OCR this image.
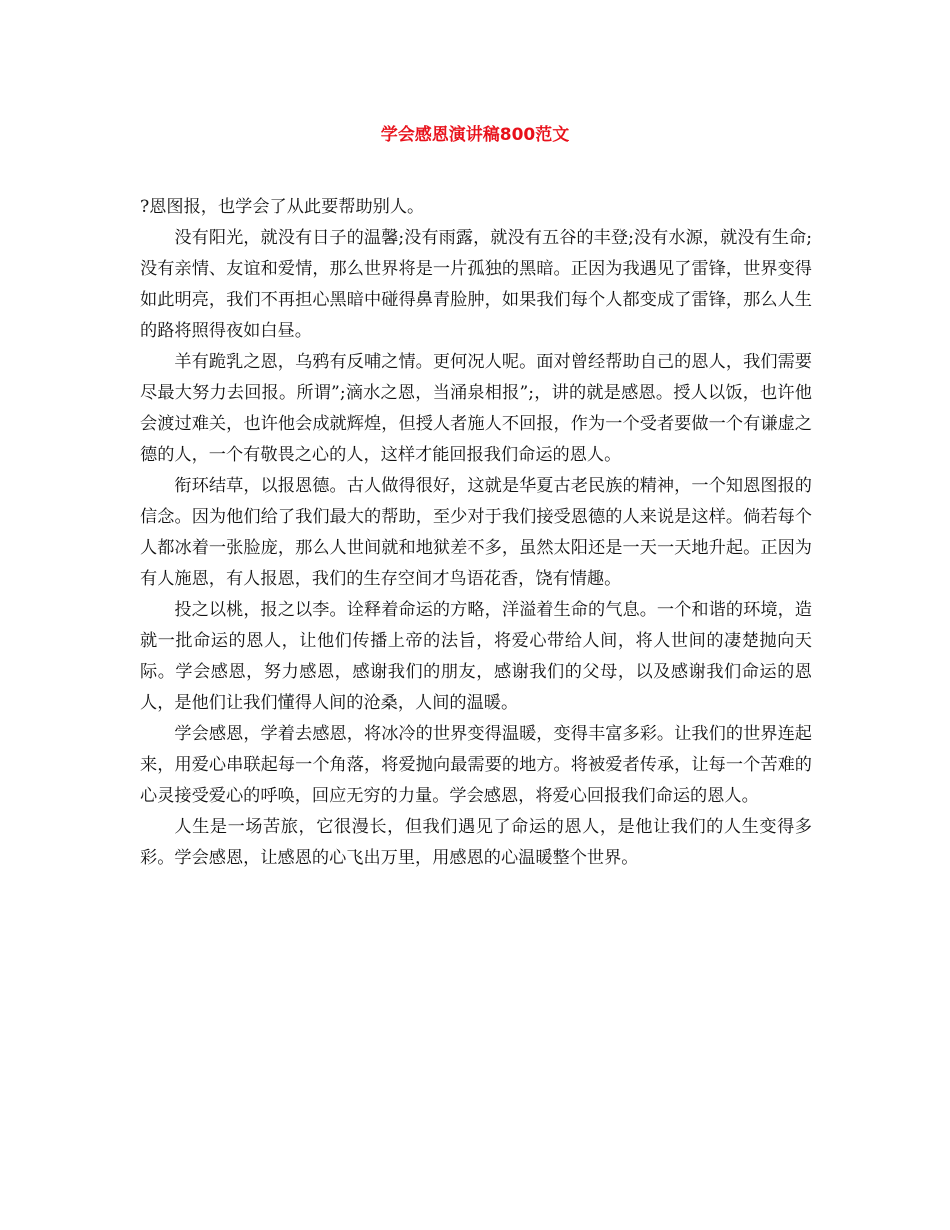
学会感恩演讲稿800范文

?恩图报，也学会了从此要帮助别人。

没有阳光，就没有日子的温馨;没有雨露，就没有五谷的丰登;没有水源，就没有生命;没有亲情、友谊和爱情，那么世界将是一片孤独的黑暗。正因为我遇见了雷锋，世界变得如此明亮，我们不再担心黑暗中碰得鼻青脸肿，如果我们每个人都变成了雷锋，那么人生的路将照得夜如白昼。

羊有跪乳之恩，乌鸦有反哺之情。更何况人呢。面对曾经帮助自己的恩人，我们需要尽最大努力去回报。所谓”;滴水之恩，当涌泉相报”;，讲的就是感恩。授人以饭，也许他会渡过难关，也许他会成就辉煌，但授人者施人不回报，作为一个受者要做一个有谦虚之德的人，一个有敬畏之心的人，这样才能回报我们命运的恩人。

衔环结草，以报恩德。古人做得很好，这就是华夏古老民族的精神，一个知恩图报的信念。因为他们给了我们最大的帮助，至少对于我们接受恩德的人来说是这样。倘若每个人都冰着一张脸庞，那么人世间就和地狱差不多，虽然太阳还是一天一天地升起。正因为有人施恩，有人报恩，我们的生存空间才鸟语花香，饶有情趣。

投之以桃，报之以李。诠释着命运的方略，洋溢着生命的气息。一个和谐的环境，造就一批命运的恩人，让他们传播上帝的法旨，将爱心带给人间，将人世间的凄楚抛向天际。学会感恩，努力感恩，感谢我们的朋友，感谢我们的父母，以及感谢我们命运的恩人，是他们让我们懂得人间的沧桑，人间的温暖。

学会感恩，学着去感恩，将冰冷的世界变得温暖，变得丰富多彩。让我们的世界连起来，用爱心串联起每一个角落，将爱抛向最需要的地方。将被爱者传承，让每一个苦难的心灵接受爱心的呼唤，回应无穷的力量。学会感恩，将爱心回报我们命运的恩人。

人生是一场苦旅，它很漫长，但我们遇见了命运的恩人，是他让我们的人生变得多彩。学会感恩，让感恩的心飞出万里，用感恩的心温暖整个世界。
